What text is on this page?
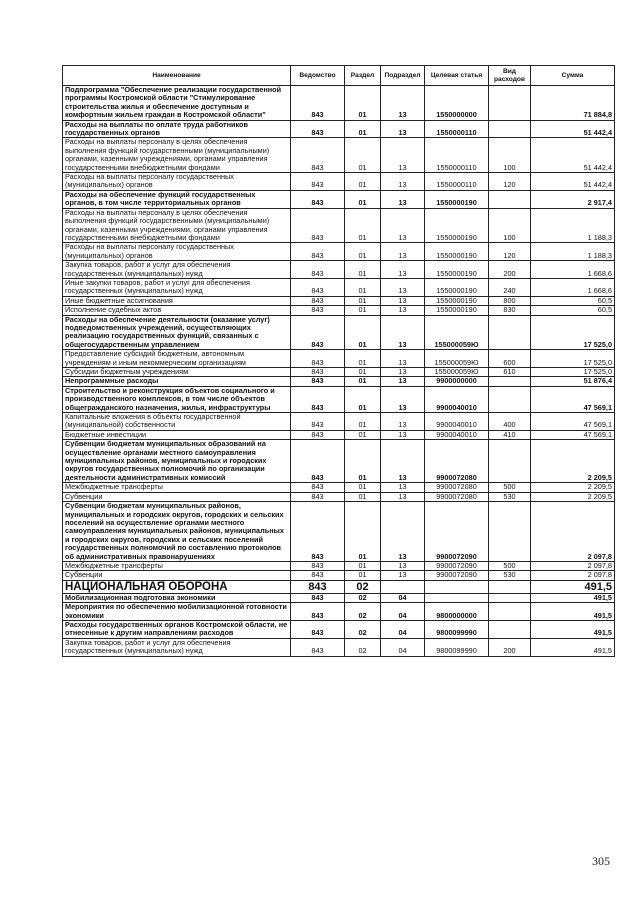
Наименование	Ведомство	Раздел	Подраздел	Целевая статья	Вид расходов	Сумма
Подпрограмма "Обеспечение реализации государственной программы Костромской области "Стимулирование строительства жилья и обеспечение доступным и комфортным жильем граждан в Костромской области"	843	01	13	1550000000		71 884,8
Расходы на выплаты по оплате труда работников государственных органов	843	01	13	1550000110		51 442,4
Расходы на выплаты персоналу в целях обеспечения выполнения функций государственными (муниципальными) органами, казенными учреждениями, органами управления государственными внебюджетными фондами	843	01	13	1550000110	100	51 442,4
Расходы на выплаты персоналу государственных (муниципальных) органов	843	01	13	1550000110	120	51 442,4
Расходы на обеспечение функций государственных органов, в том числе территориальных органов	843	01	13	1550000190		2 917,4
Расходы на выплаты персоналу в целях обеспечения выполнения функций государственными (муниципальными) органами, казенными учреждениями, органами управления государственными внебюджетными фондами	843	01	13	1550000190	100	1 188,3
Расходы на выплаты персоналу государственных (муниципальных) органов	843	01	13	1550000190	120	1 188,3
Закупка товаров, работ и услуг для обеспечения государственных (муниципальных) нужд	843	01	13	1550000190	200	1 668,6
Иные закупки товаров, работ и услуг для обеспечения государственных (муниципальных) нужд	843	01	13	1550000190	240	1 668,6
Иные бюджетные ассигнования	843	01	13	1550000190	800	60,5
Исполнение судебных актов	843	01	13	1550000190	830	60,5
Расходы на обеспечение деятельности (оказание услуг) подведомственных учреждений, осуществляющих реализацию государственных функций, связанных с общегосударственным управлением	843	01	13	155000059Ю		17 525,0
Предоставление субсидий бюджетным, автономным учреждениям и иным некоммерческим организациям	843	01	13	155000059Ю	600	17 525,0
Субсидии бюджетным учреждениям	843	01	13	155000059Ю	610	17 525,0
Непрограммные расходы	843	01	13	9900000000		51 876,4
Строительство и реконструкция объектов социального и производственного комплексов, в том числе объектов общегражданского назначения, жилья, инфраструктуры	843	01	13	9900040010		47 569,1
Капитальные вложения в объекты государственной (муниципальной) собственности	843	01	13	9900040010	400	47 569,1
Бюджетные инвестиции	843	01	13	9900040010	410	47 569,1
Субвенции бюджетам муниципальных образований на осуществление органами местного самоуправления муниципальных районов, муниципальных и городских округов государственных полномочий по организации деятельности административных комиссий	843	01	13	9900072080		2 209,5
Межбюджетные трансферты	843	01	13	9900072080	500	2 209,5
Субвенции	843	01	13	9900072080	530	2 209,5
Субвенции бюджетам муниципальных районов, муниципальных и городских округов, городских и сельских поселений на осуществление органами местного самоуправления муниципальных районов, муниципальных и городских округов, городских и сельских поселений государственных полномочий по составлению протоколов об административных правонарушениях	843	01	13	9900072090		2 097,8
Межбюджетные трансферты	843	01	13	9900072090	500	2 097,8
Субвенции	843	01	13	9900072090	530	2 097,8
НАЦИОНАЛЬНАЯ ОБОРОНА	843	02				491,5
Мобилизационная подготовка экономики	843	02	04			491,5
Мероприятия по обеспечению мобилизационной готовности экономики	843	02	04	9800000000		491,5
Расходы государственных органов Костромской области, не отнесенные к другим направлениям расходов	843	02	04	9800099990		491,5
Закупка товаров, работ и услуг для обеспечения государственных (муниципальных) нужд	843	02	04	9800099990	200	491,5
305
